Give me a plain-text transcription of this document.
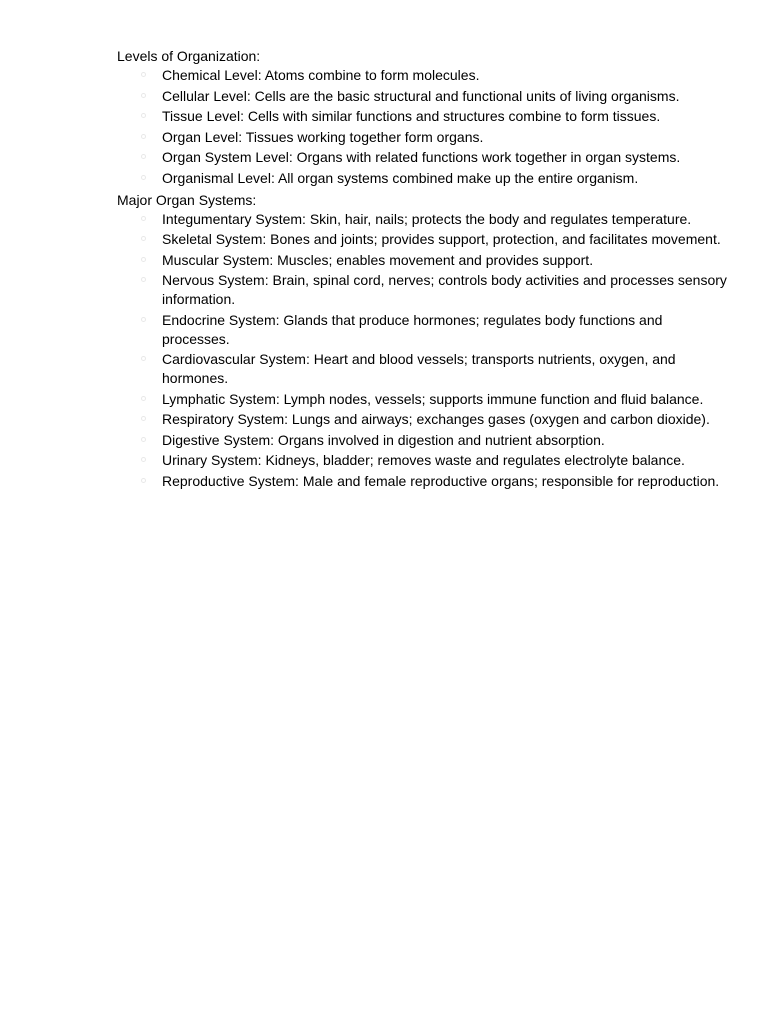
Levels of Organization:
Chemical Level: Atoms combine to form molecules.
Cellular Level: Cells are the basic structural and functional units of living organisms.
Tissue Level: Cells with similar functions and structures combine to form tissues.
Organ Level: Tissues working together form organs.
Organ System Level: Organs with related functions work together in organ systems.
Organismal Level: All organ systems combined make up the entire organism.
Major Organ Systems:
Integumentary System: Skin, hair, nails; protects the body and regulates temperature.
Skeletal System: Bones and joints; provides support, protection, and facilitates movement.
Muscular System: Muscles; enables movement and provides support.
Nervous System: Brain, spinal cord, nerves; controls body activities and processes sensory information.
Endocrine System: Glands that produce hormones; regulates body functions and processes.
Cardiovascular System: Heart and blood vessels; transports nutrients, oxygen, and hormones.
Lymphatic System: Lymph nodes, vessels; supports immune function and fluid balance.
Respiratory System: Lungs and airways; exchanges gases (oxygen and carbon dioxide).
Digestive System: Organs involved in digestion and nutrient absorption.
Urinary System: Kidneys, bladder; removes waste and regulates electrolyte balance.
Reproductive System: Male and female reproductive organs; responsible for reproduction.
